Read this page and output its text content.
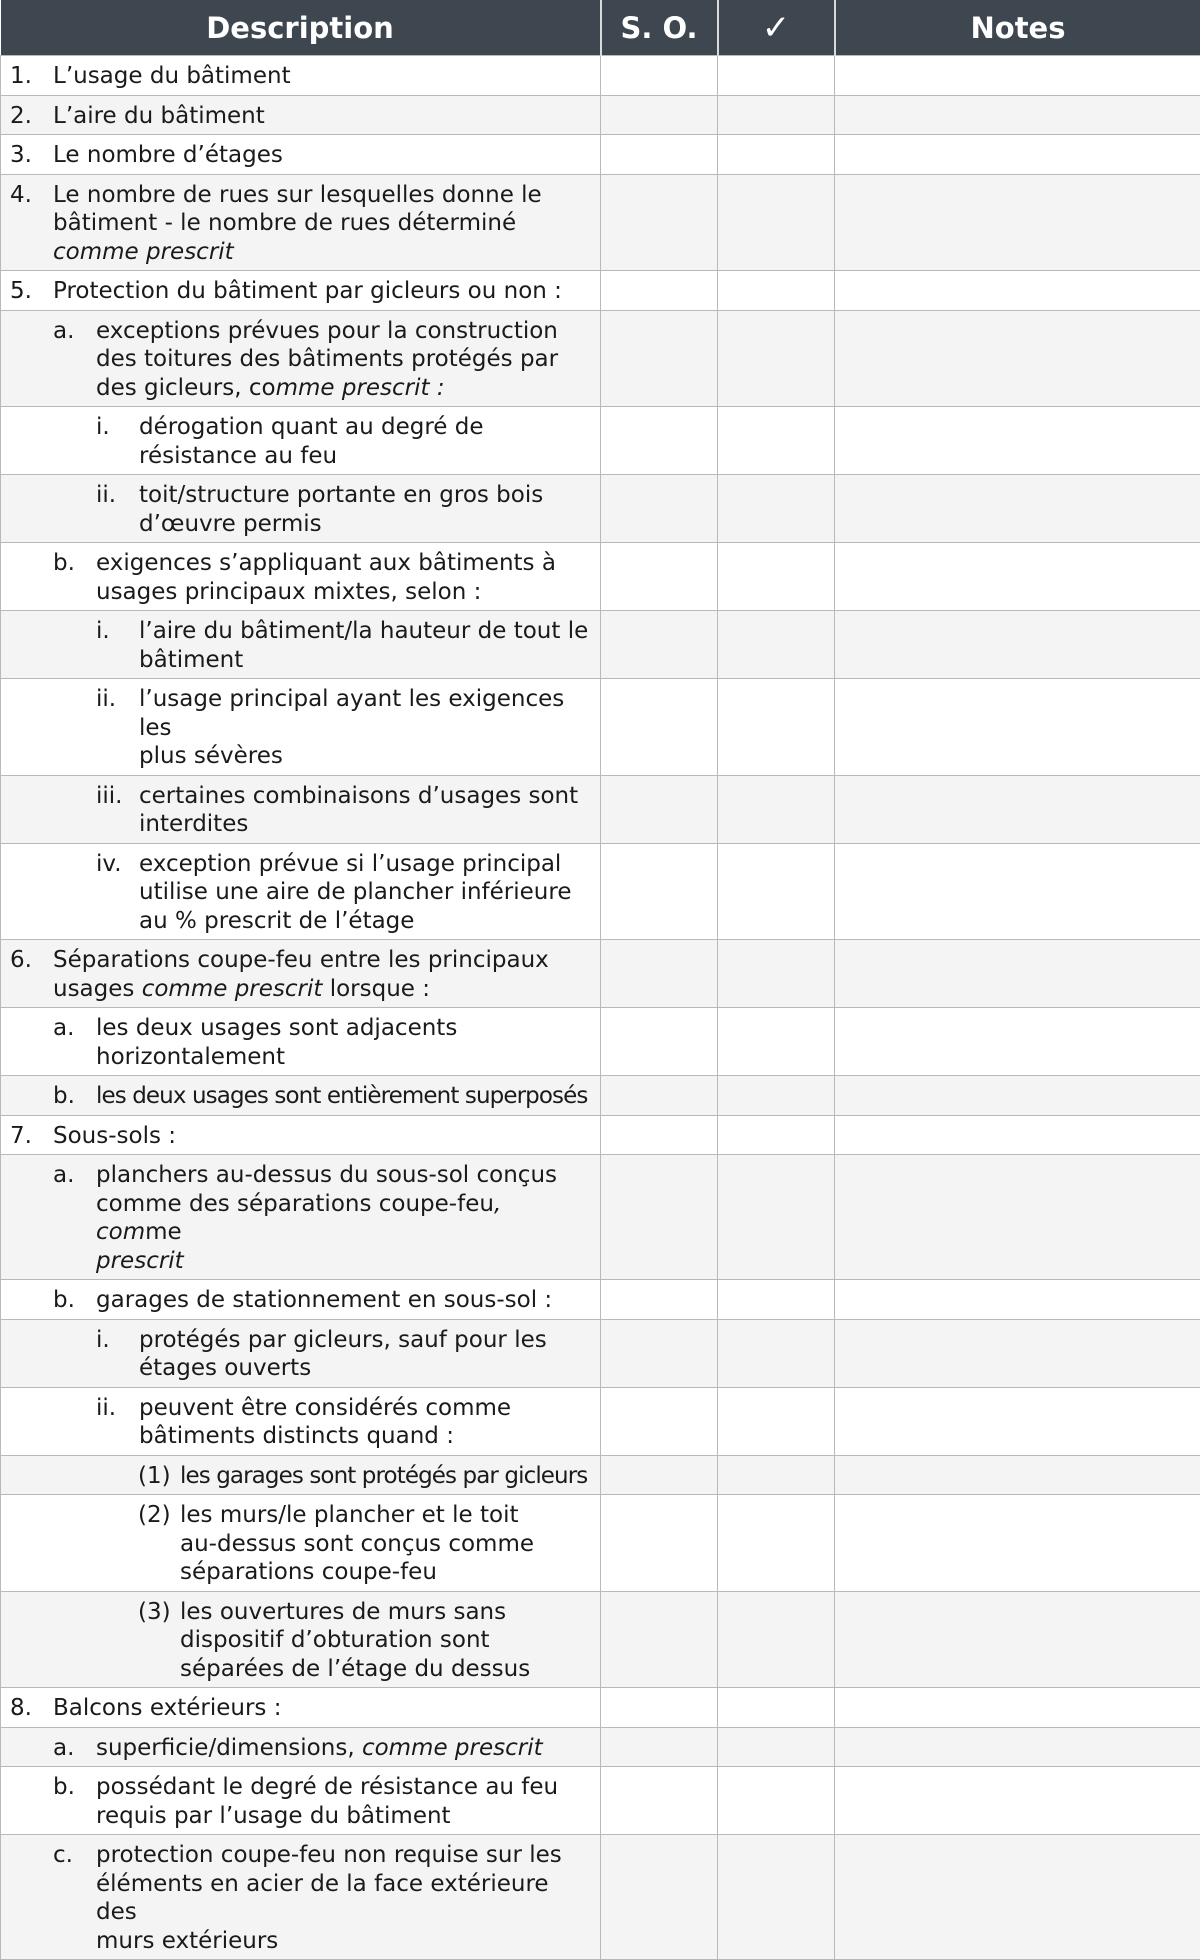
Description	S. O.	✓	Notes

1. L’usage du bâtiment			

2. L’aire du bâtiment			

3. Le nombre d’étages			

4. Le nombre de rues sur lesquelles donne le
bâtiment - le nombre de rues déterminé
comme prescrit			

5. Protection du bâtiment par gicleurs ou non :			

a. exceptions prévues pour la construction
des toitures des bâtiments protégés par
des gicleurs, comme prescrit :			

i. dérogation quant au degré de
résistance au feu			

ii. toit/structure portante en gros bois
d’œuvre permis			

b. exigences s’appliquant aux bâtiments à
usages principaux mixtes, selon :			

i. l’aire du bâtiment/la hauteur de tout le
bâtiment			

ii. l’usage principal ayant les exigences les
plus sévères			

iii. certaines combinaisons d’usages sont
interdites			

iv. exception prévue si l’usage principal
utilise une aire de plancher inférieure
au % prescrit de l’étage			

6. Séparations coupe-feu entre les principaux
usages comme prescrit lorsque :			

a. les deux usages sont adjacents
horizontalement			

b. les deux usages sont entièrement superposés			

7. Sous-sols :			

a. planchers au-dessus du sous-sol conçus
comme des séparations coupe-feu, comme
prescrit			

b. garages de stationnement en sous-sol :			

i. protégés par gicleurs, sauf pour les
étages ouverts			

ii. peuvent être considérés comme
bâtiments distincts quand :			

(1) les garages sont protégés par gicleurs			

(2) les murs/le plancher et le toit
au-dessus sont conçus comme
séparations coupe-feu			

(3) les ouvertures de murs sans
dispositif d’obturation sont
séparées de l’étage du dessus			

8. Balcons extérieurs :			

a. superficie/dimensions, comme prescrit			

b. possédant le degré de résistance au feu
requis par l’usage du bâtiment			

c. protection coupe-feu non requise sur les
éléments en acier de la face extérieure des
murs extérieurs			
